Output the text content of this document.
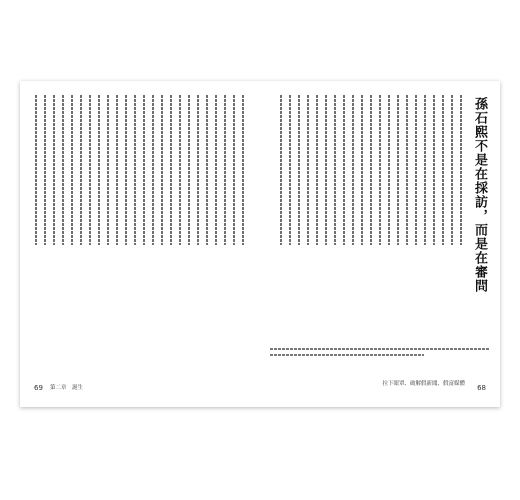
69 第二章　誕生
孫石熙不是在採訪，而是在審問
拉下眼罩、破解假新聞、假富媒體 68
